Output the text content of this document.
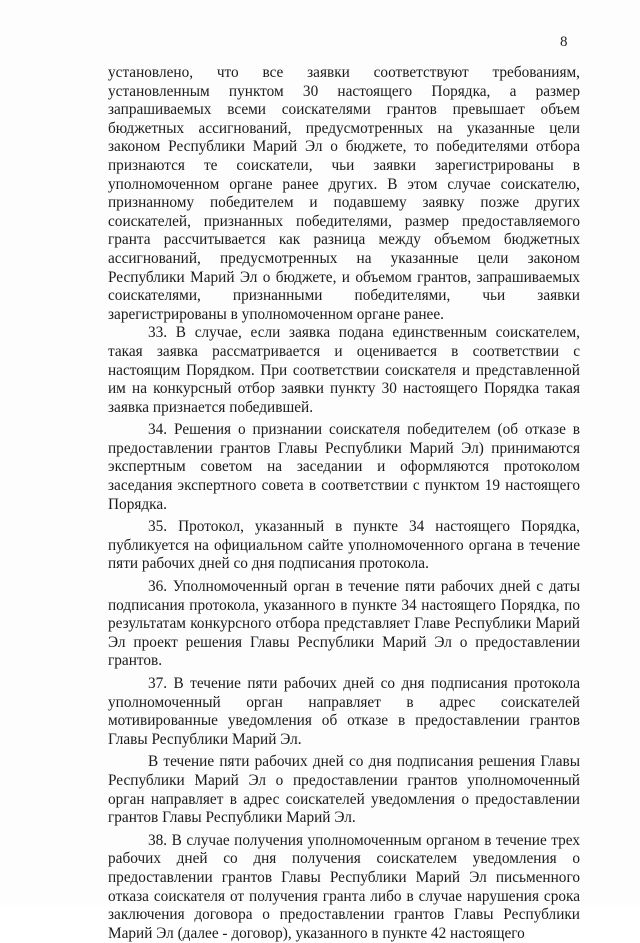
8

установлено, что все заявки соответствуют требованиям, установленным пунктом 30 настоящего Порядка, а размер запрашиваемых всеми соискателями грантов превышает объем бюджетных ассигнований, предусмотренных на указанные цели законом Республики Марий Эл о бюджете, то победителями отбора признаются те соискатели, чьи заявки зарегистрированы в уполномоченном органе ранее других. В этом случае соискателю, признанному победителем и подавшему заявку позже других соискателей, признанных победителями, размер предоставляемого гранта рассчитывается как разница между объемом бюджетных ассигнований, предусмотренных на указанные цели законом Республики Марий Эл о бюджете, и объемом грантов, запрашиваемых соискателями, признанными победителями, чьи заявки зарегистрированы в уполномоченном органе ранее.

33. В случае, если заявка подана единственным соискателем, такая заявка рассматривается и оценивается в соответствии с настоящим Порядком. При соответствии соискателя и представленной им на конкурсный отбор заявки пункту 30 настоящего Порядка такая заявка признается победившей.

34. Решения о признании соискателя победителем (об отказе в предоставлении грантов Главы Республики Марий Эл) принимаются экспертным советом на заседании и оформляются протоколом заседания экспертного совета в соответствии с пунктом 19 настоящего Порядка.

35. Протокол, указанный в пункте 34 настоящего Порядка, публикуется на официальном сайте уполномоченного органа в течение пяти рабочих дней со дня подписания протокола.

36. Уполномоченный орган в течение пяти рабочих дней с даты подписания протокола, указанного в пункте 34 настоящего Порядка, по результатам конкурсного отбора представляет Главе Республики Марий Эл проект решения Главы Республики Марий Эл о предоставлении грантов.

37. В течение пяти рабочих дней со дня подписания протокола уполномоченный орган направляет в адрес соискателей мотивированные уведомления об отказе в предоставлении грантов Главы Республики Марий Эл.

В течение пяти рабочих дней со дня подписания решения Главы Республики Марий Эл о предоставлении грантов уполномоченный орган направляет в адрес соискателей уведомления о предоставлении грантов Главы Республики Марий Эл.

38. В случае получения уполномоченным органом в течение трех рабочих дней со дня получения соискателем уведомления о предоставлении грантов Главы Республики Марий Эл письменного отказа соискателя от получения гранта либо в случае нарушения срока заключения договора о предоставлении грантов Главы Республики Марий Эл (далее - договор), указанного в пункте 42 настоящего
